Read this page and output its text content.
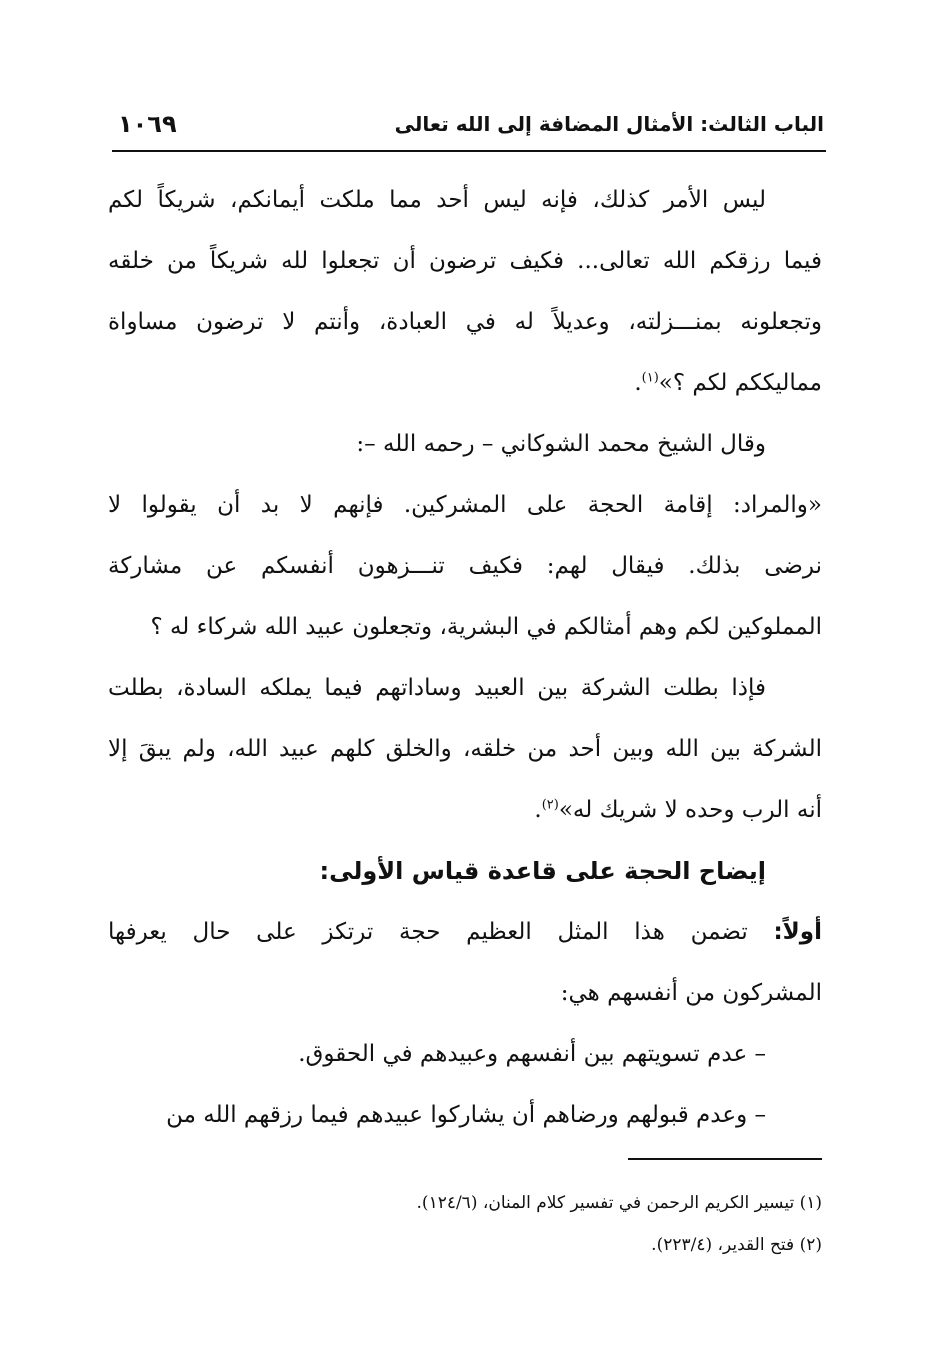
الباب الثالث: الأمثال المضافة إلى الله تعالى
١٠٦٩
ليس الأمر كذلك، فإنه ليس أحد مما ملكت أيمانكم، شريكاً لكم
فيما رزقكم الله تعالى... فكيف ترضون أن تجعلوا لله شريكاً من خلقه
وتجعلونه بمنـــزلته، وعديلاً له في العبادة، وأنتم لا ترضون مساواة
مماليككم لكم ؟»$^{(١)}$.
وقال الشيخ محمد الشوكاني – رحمه الله –:
«والمراد: إقامة الحجة على المشركين. فإنهم لا بد أن يقولوا لا
نرضى بذلك. فيقال لهم: فكيف تنـــزهون أنفسكم عن مشاركة
المملوكين لكم وهم أمثالكم في البشرية، وتجعلون عبيد الله شركاء له ؟
فإذا بطلت الشركة بين العبيد وساداتهم فيما يملكه السادة، بطلت
الشركة بين الله وبين أحد من خلقه، والخلق كلهم عبيد الله، ولم يبقَ إلا
أنه الرب وحده لا شريك له»$^{(٢)}$.
إيضاح الحجة على قاعدة قياس الأولى:
أولاً: تضمن هذا المثل العظيم حجة ترتكز على حال يعرفها
المشركون من أنفسهم هي:
– عدم تسويتهم بين أنفسهم وعبيدهم في الحقوق.
– وعدم قبولهم ورضاهم أن يشاركوا عبيدهم فيما رزقهم الله من
(١) تيسير الكريم الرحمن في تفسير كلام المنان، (١٢٤/٦).
(٢) فتح القدير، (٢٢٣/٤).
